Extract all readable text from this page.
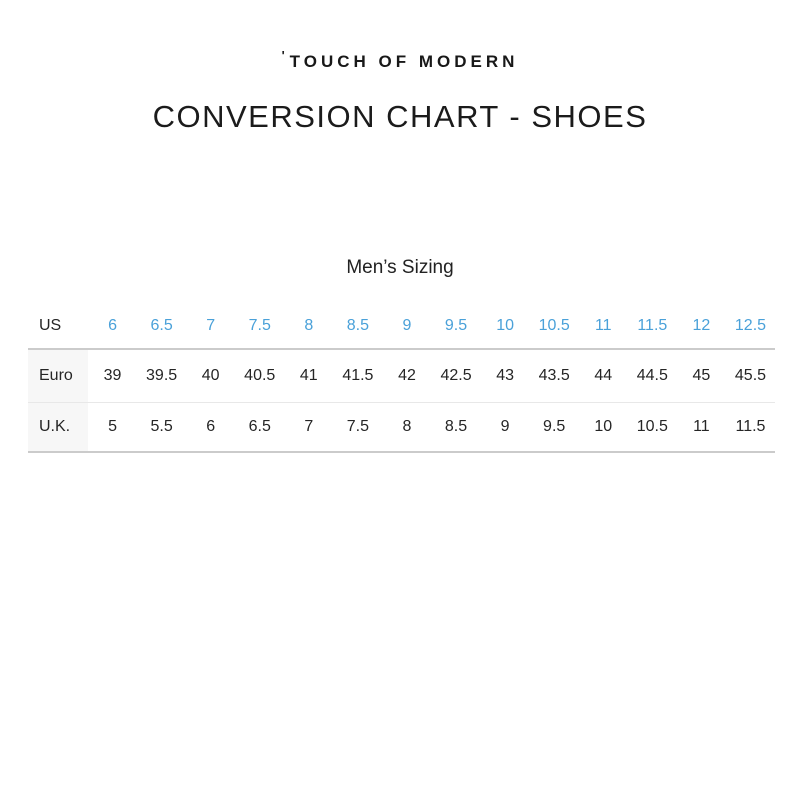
'TOUCH OF MODERN
CONVERSION CHART - SHOES
Men’s Sizing
US	6	6.5	7	7.5	8	8.5	9	9.5	10	10.5	11	11.5	12	12.5
Euro	39	39.5	40	40.5	41	41.5	42	42.5	43	43.5	44	44.5	45	45.5
U.K.	5	5.5	6	6.5	7	7.5	8	8.5	9	9.5	10	10.5	11	11.5
